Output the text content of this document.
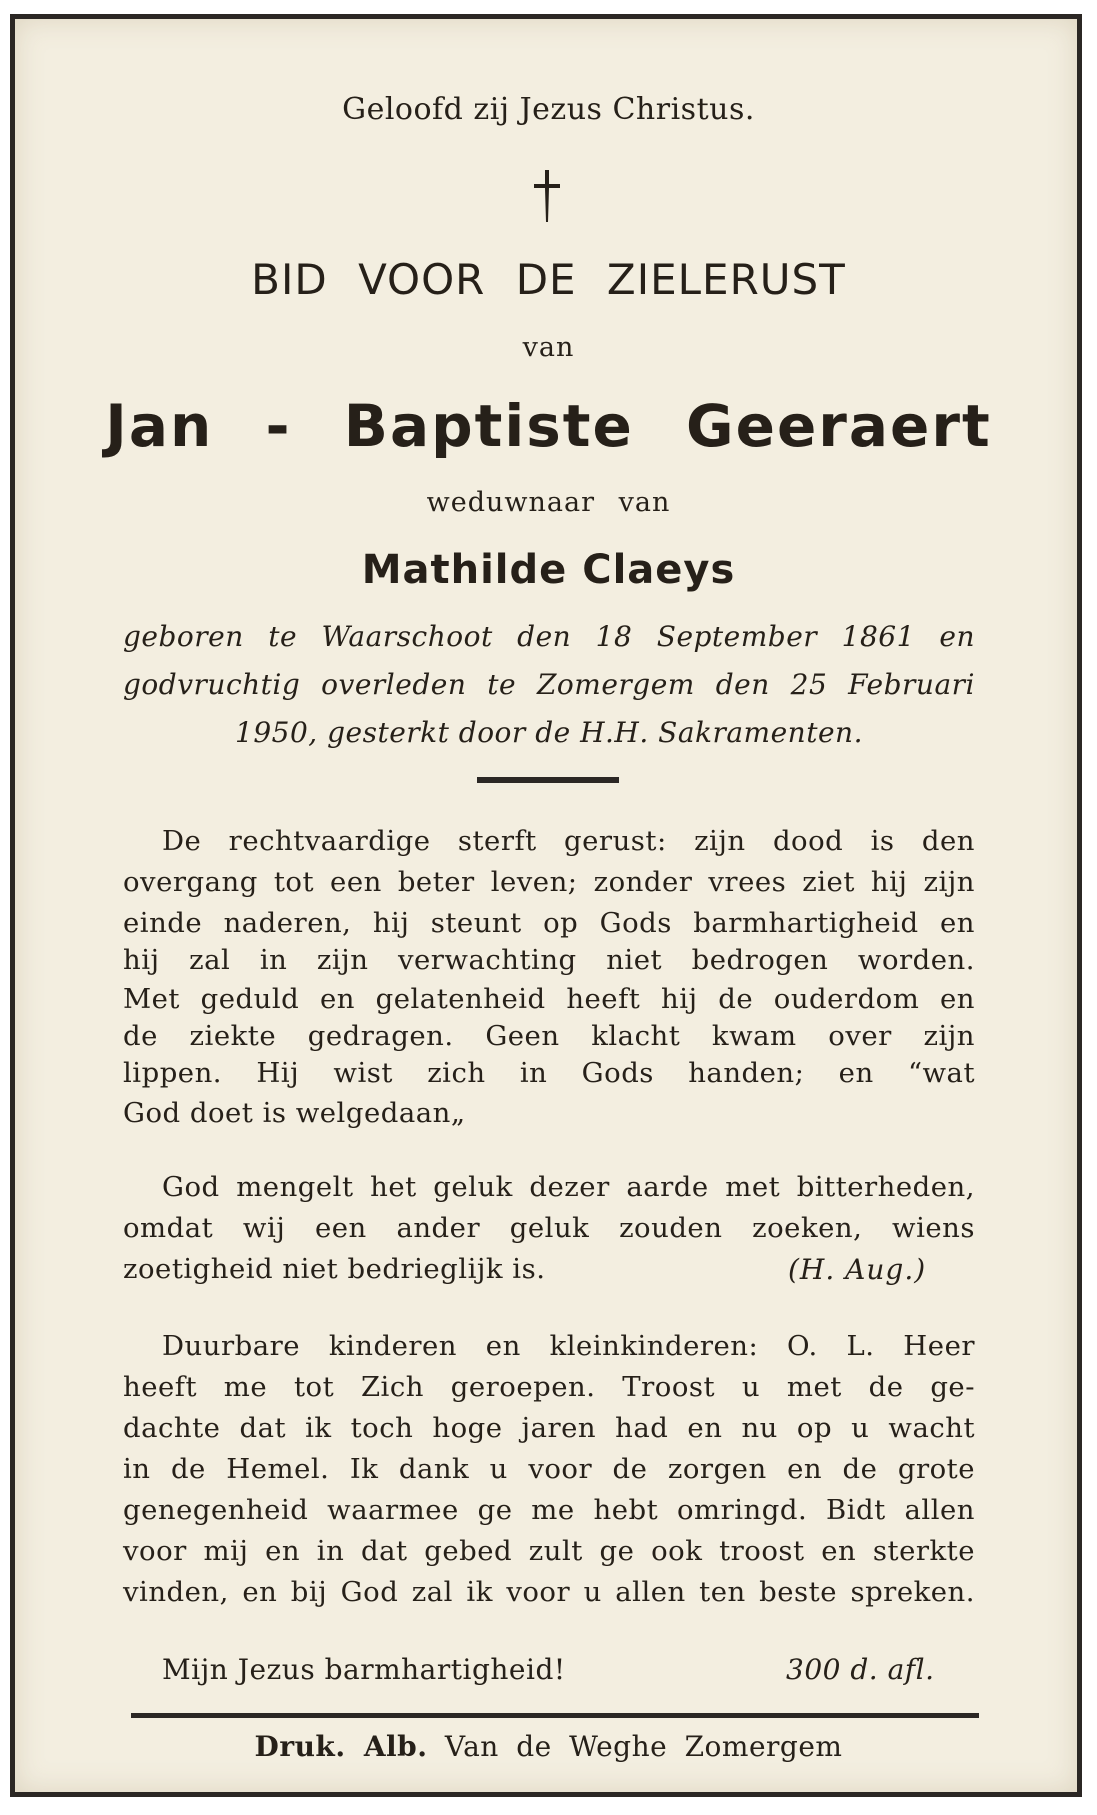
Geloofd zij Jezus Christus.
BID VOOR DE ZIELERUST
van
Jan - Baptiste Geeraert
weduwnaar van
Mathilde Claeys
geboren te Waarschoot den 18 September 1861 en
godvruchtig overleden te Zomergem den 25 Februari
1950, gesterkt door de H.H. Sakramenten.
De rechtvaardige sterft gerust: zijn dood is den
overgang tot een beter leven; zonder vrees ziet hij zijn
einde naderen, hij steunt op Gods barmhartigheid en
hij zal in zijn verwachting niet bedrogen worden.
Met geduld en gelatenheid heeft hij de ouderdom en
de ziekte gedragen. Geen klacht kwam over zijn
lippen. Hij wist zich in Gods handen; en “wat
God doet is welgedaan„
God mengelt het geluk dezer aarde met bitterheden,
omdat wij een ander geluk zouden zoeken, wiens
zoetigheid niet bedrieglijk is.	(H. Aug.)
Duurbare kinderen en kleinkinderen: O. L. Heer
heeft me tot Zich geroepen. Troost u met de ge-
dachte dat ik toch hoge jaren had en nu op u wacht
in de Hemel. Ik dank u voor de zorgen en de grote
genegenheid waarmee ge me hebt omringd. Bidt allen
voor mij en in dat gebed zult ge ook troost en sterkte
vinden, en bij God zal ik voor u allen ten beste spreken.
Mijn Jezus barmhartigheid!	300 d. afl.
Druk. Alb. Van de Weghe Zomergem
